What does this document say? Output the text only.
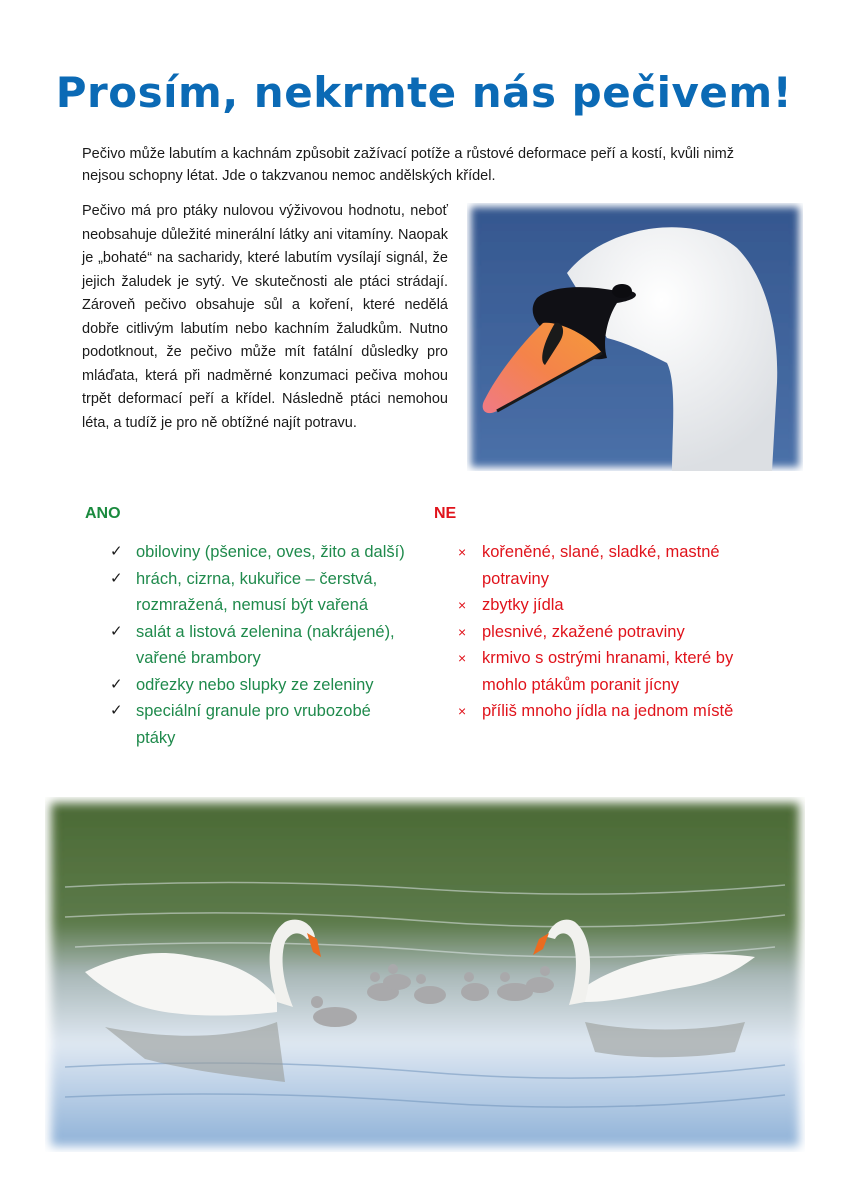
Prosím, nekrmte nás pečivem!

Pečivo může labutím a kachnám způsobit zažívací potíže a růstové deformace peří a kostí, kvůli nimž nejsou schopny létat. Jde o takzvanou nemoc andělských křídel.

Pečivo má pro ptáky nulovou výživovou hodnotu, neboť neobsahuje důležité minerální látky ani vitamíny. Naopak je „bohaté“ na sacharidy, které labutím vysílají signál, že jejich žaludek je sytý. Ve skutečnosti ale ptáci strádají. Zároveň pečivo obsahuje sůl a koření, které nedělá dobře citlivým labutím nebo kachním žaludkům. Nutno podotknout, že pečivo může mít fatální důsledky pro mláďata, která při nadměrné konzumaci pečiva mohou trpět deformací peří a křídel. Následně ptáci nemohou léta, a tudíž je pro ně obtížné najít potravu.

ANO	NE
✓ obiloviny (pšenice, oves, žito a další)
✓ hrách, cizrna, kukuřice – čerstvá, rozmražená, nemusí být vařená
✓ salát a listová zelenina (nakrájené), vařené brambory
✓ odřezky nebo slupky ze zeleniny
✓ speciální granule pro vrubozobé ptáky
× kořeněné, slané, sladké, mastné potraviny
× zbytky jídla
× plesnivé, zkažené potraviny
× krmivo s ostrými hranami, které by mohlo ptákům poranit jícny
× příliš mnoho jídla na jednom místě
